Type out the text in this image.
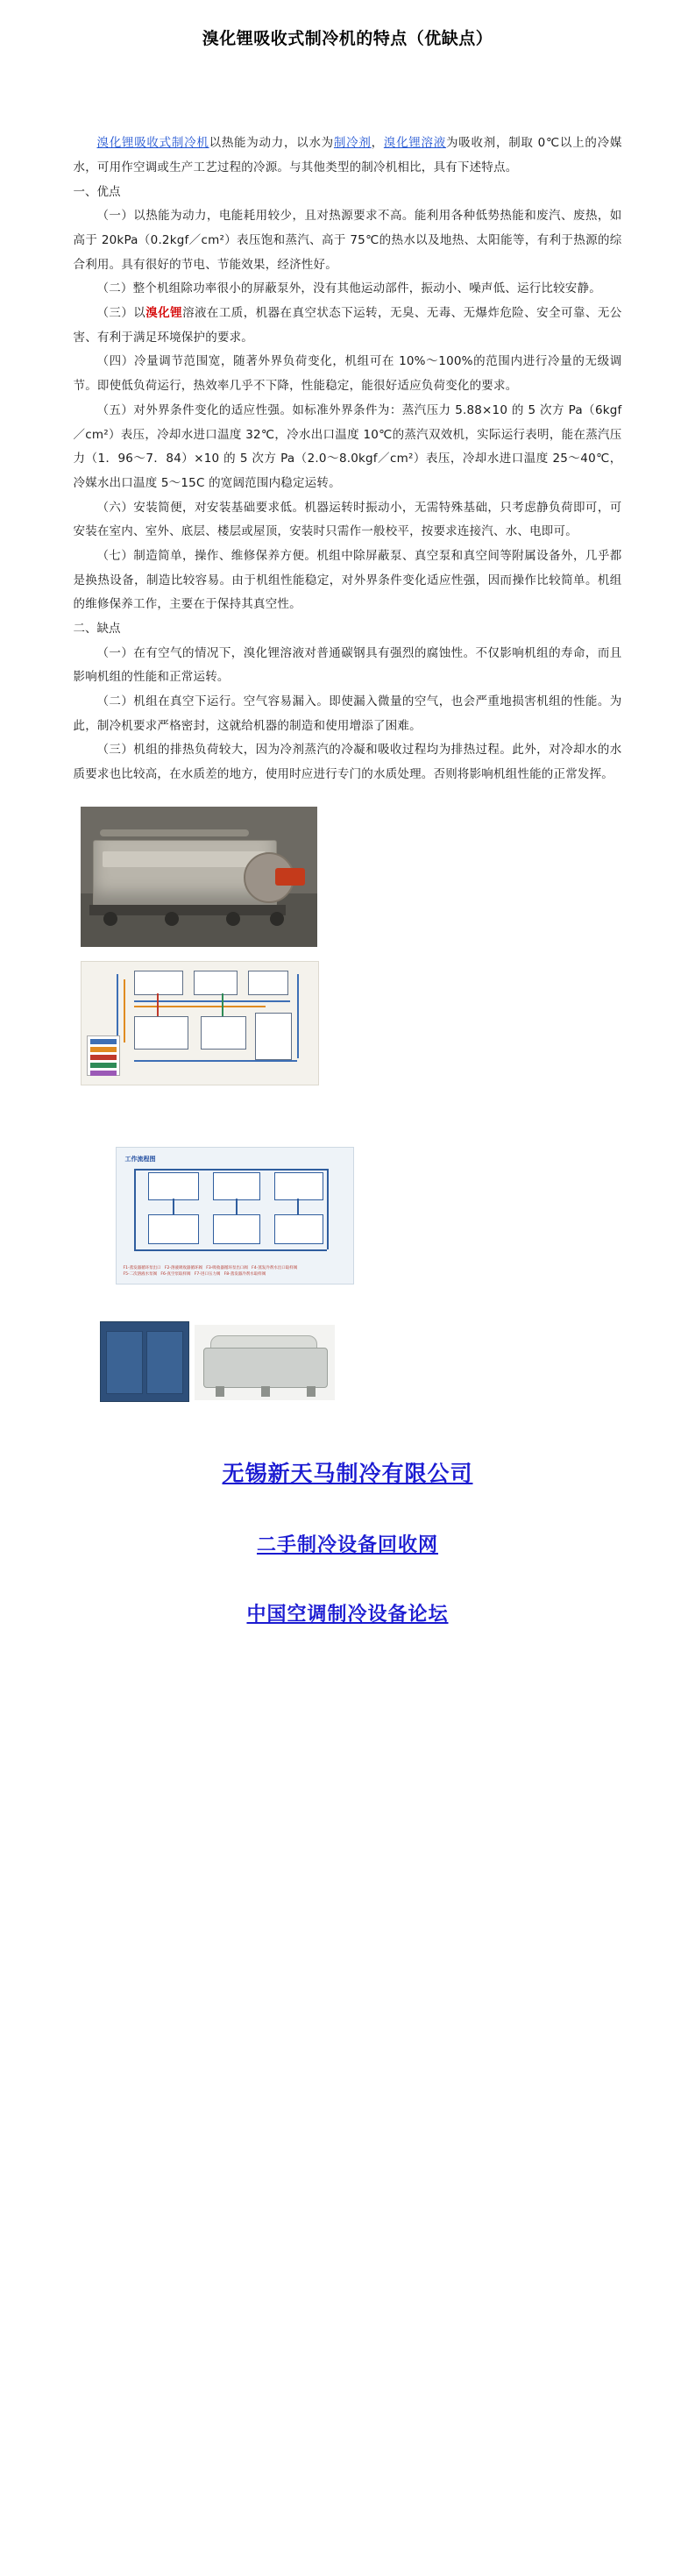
溴化锂吸收式制冷机的特点（优缺点）

溴化锂吸收式制冷机以热能为动力，以水为制冷剂，溴化锂溶液为吸收剂，制取 0℃以上的冷媒水，可用作空调或生产工艺过程的冷源。与其他类型的制冷机相比，具有下述特点。

一、优点

（一）以热能为动力，电能耗用较少，且对热源要求不高。能利用各种低势热能和废汽、废热，如高于 20kPa（0.2kgf／cm²）表压饱和蒸汽、高于 75℃的热水以及地热、太阳能等，有利于热源的综合利用。具有很好的节电、节能效果，经济性好。

（二）整个机组除功率很小的屏蔽泵外，没有其他运动部件，振动小、噪声低、运行比较安静。

（三）以溴化锂溶液在工质，机器在真空状态下运转，无臭、无毒、无爆炸危险、安全可靠、无公害、有利于满足环境保护的要求。

（四）冷量调节范围宽，随著外界负荷变化，机组可在 10%～100%的范围内进行冷量的无级调节。即使低负荷运行，热效率几乎不下降，性能稳定，能很好适应负荷变化的要求。

（五）对外界条件变化的适应性强。如标准外界条件为：蒸汽压力 5.88×10 的 5 次方 Pa（6kgf／cm²）表压，冷却水进口温度 32℃，冷水出口温度 10℃的蒸汽双效机，实际运行表明，能在蒸汽压力（1．96～7．84）×10 的 5 次方 Pa（2.0～8.0kgf／cm²）表压，冷却水进口温度 25～40℃，冷媒水出口温度 5～15C 的宽阔范围内稳定运转。

（六）安装简便，对安装基础要求低。机器运转时振动小，无需特殊基础，只考虑静负荷即可，可安装在室内、室外、底层、楼层或屋顶，安装时只需作一般校平，按要求连接汽、水、电即可。

（七）制造简单，操作、维修保养方便。机组中除屏蔽泵、真空泵和真空间等附属设备外，几乎都是换热设备，制造比较容易。由于机组性能稳定，对外界条件变化适应性强，因而操作比较简单。机组的维修保养工作，主要在于保持其真空性。

二、缺点

（一）在有空气的情况下，溴化锂溶液对普通碳钢具有强烈的腐蚀性。不仅影响机组的寿命，而且影响机组的性能和正常运转。

（二）机组在真空下运行。空气容易漏入。即使漏入微量的空气，也会严重地损害机组的性能。为此，制冷机要求严格密封，这就给机器的制造和使用增添了困难。

（三）机组的排热负荷较大，因为冷剂蒸汽的冷凝和吸收过程均为排热过程。此外，对冷却水的水质要求也比较高，在水质差的地方，使用时应进行专门的水质处理。否则将影响机组性能的正常发挥。

工作流程图
F1-蒸发器循环泵出口 F2-溶液吸收器循环阀 F3-吸收器循环泵出口阀 F4-蒸发冷剂水出口取样阀
F5-二次溶液水泵阀 F6-真空泵取样阀 F7-进口压力阀 F8-蒸发器冷剂水取样阀
无锡新天马制冷有限公司
二手制冷设备回收网
中国空调制冷设备论坛
